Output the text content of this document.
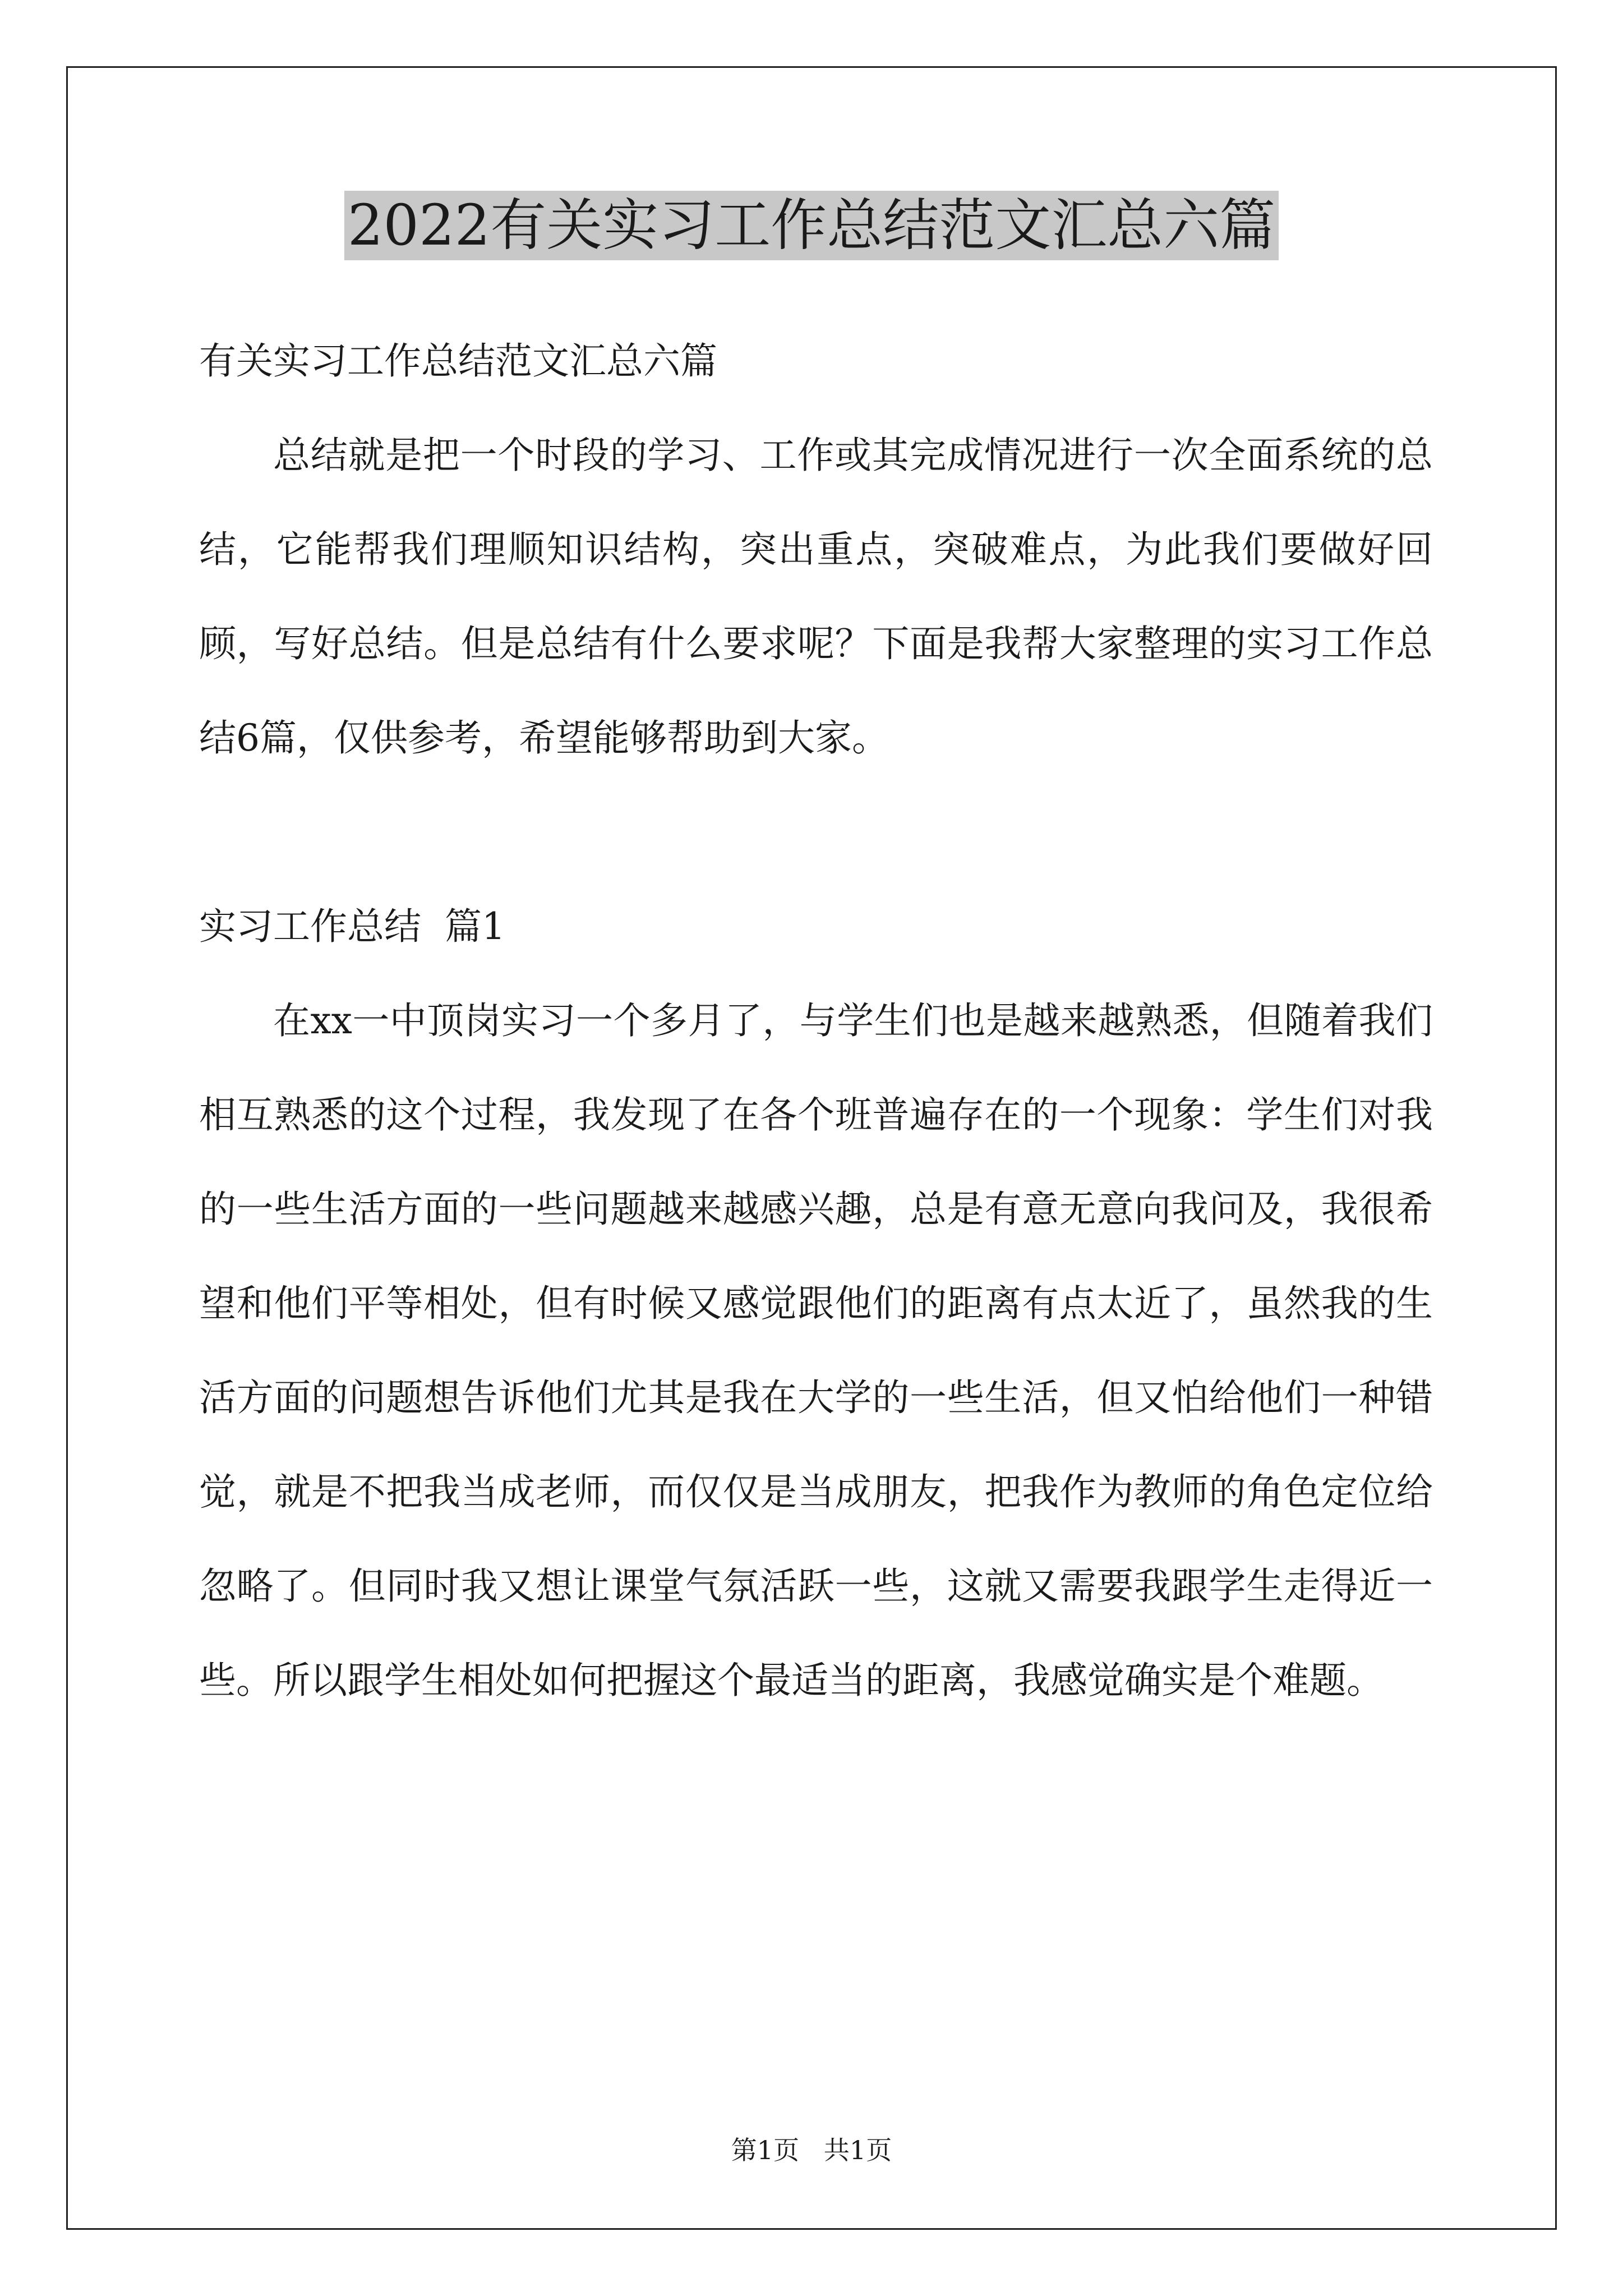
2022有关实习工作总结范文汇总六篇

有关实习工作总结范文汇总六篇

总结就是把一个时段的学习、工作或其完成情况进行一次全面系统的总结，它能帮我们理顺知识结构，突出重点，突破难点，为此我们要做好回顾，写好总结。但是总结有什么要求呢？下面是我帮大家整理的实习工作总结6篇，仅供参考，希望能够帮助到大家。

实习工作总结  篇1

在xx一中顶岗实习一个多月了，与学生们也是越来越熟悉，但随着我们相互熟悉的这个过程，我发现了在各个班普遍存在的一个现象：学生们对我的一些生活方面的一些问题越来越感兴趣，总是有意无意向我问及，我很希望和他们平等相处，但有时候又感觉跟他们的距离有点太近了，虽然我的生活方面的问题想告诉他们尤其是我在大学的一些生活，但又怕给他们一种错觉，就是不把我当成老师，而仅仅是当成朋友，把我作为教师的角色定位给忽略了。但同时我又想让课堂气氛活跃一些，这就又需要我跟学生走得近一些。所以跟学生相处如何把握这个最适当的距离，我感觉确实是个难题。

第1页   共1页
